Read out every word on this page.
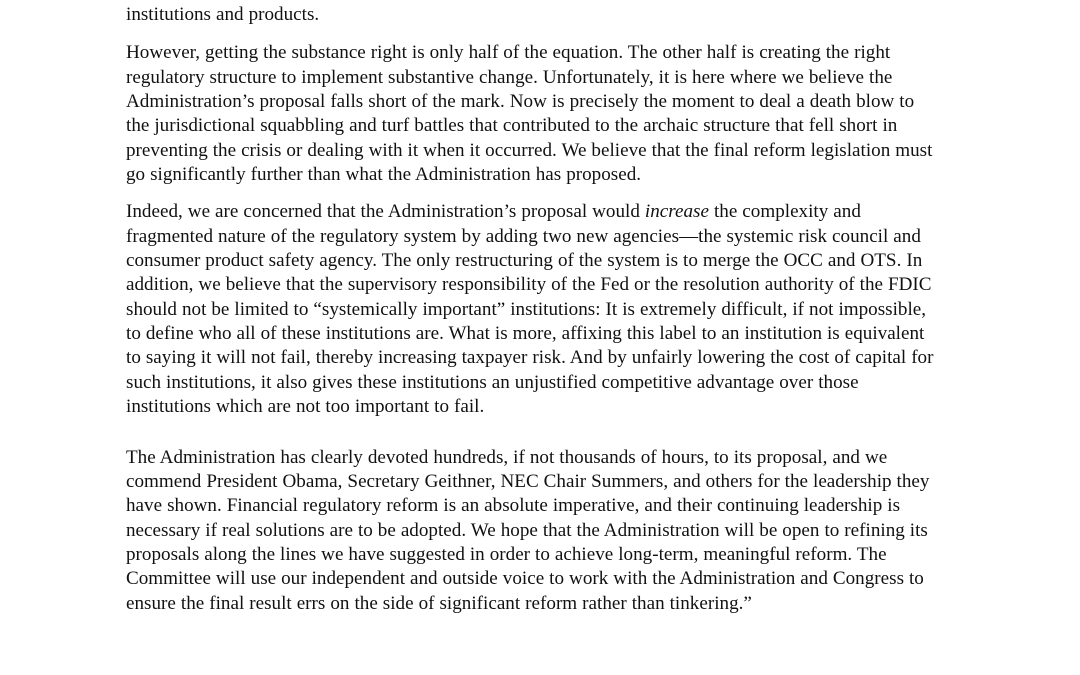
institutions and products.

However, getting the substance right is only half of the equation. The other half is creating the right regulatory structure to implement substantive change. Unfortunately, it is here where we believe the Administration’s proposal falls short of the mark. Now is precisely the moment to deal a death blow to the jurisdictional squabbling and turf battles that contributed to the archaic structure that fell short in preventing the crisis or dealing with it when it occurred. We believe that the final reform legislation must go significantly further than what the Administration has proposed.

Indeed, we are concerned that the Administration’s proposal would increase the complexity and fragmented nature of the regulatory system by adding two new agencies—the systemic risk council and consumer product safety agency. The only restructuring of the system is to merge the OCC and OTS. In addition, we believe that the supervisory responsibility of the Fed or the resolution authority of the FDIC should not be limited to “systemically important” institutions: It is extremely difficult, if not impossible, to define who all of these institutions are. What is more, affixing this label to an institution is equivalent to saying it will not fail, thereby increasing taxpayer risk. And by unfairly lowering the cost of capital for such institutions, it also gives these institutions an unjustified competitive advantage over those institutions which are not too important to fail.

The Administration has clearly devoted hundreds, if not thousands of hours, to its proposal, and we commend President Obama, Secretary Geithner, NEC Chair Summers, and others for the leadership they have shown. Financial regulatory reform is an absolute imperative, and their continuing leadership is necessary if real solutions are to be adopted. We hope that the Administration will be open to refining its proposals along the lines we have suggested in order to achieve long-term, meaningful reform. The Committee will use our independent and outside voice to work with the Administration and Congress to ensure the final result errs on the side of significant reform rather than tinkering.”
